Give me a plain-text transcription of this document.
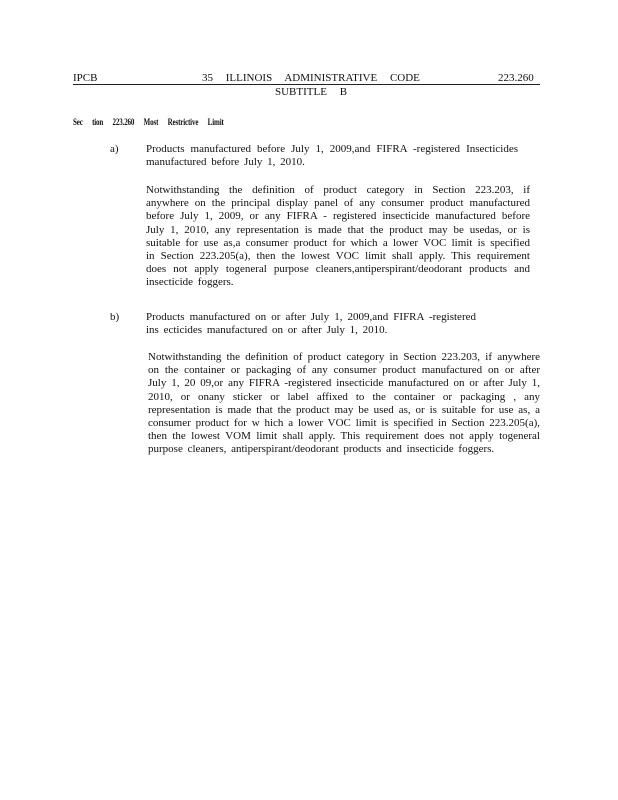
IPCB	35 ILLINOIS ADMINISTRATIVE CODE	223.260
SUBTITLE B
Sec tion 223.260 Most Restrictive Limit
a) Products manufactured before July 1, 2009,and FIFRA -registered Insecticides manufactured before July 1, 2010.
Notwithstanding the definition of product category in Section 223.203, if anywhere on the principal display panel of any consumer product manufactured before July 1, 2009, or any FIFRA - registered insecticide manufactured before July 1, 2010, any representation is made that the product may be usedas, or is suitable for use as,a consumer product for which a lower VOC limit is specified in Section 223.205(a), then the lowest VOC limit shall apply. This requirement does not apply togeneral purpose cleaners,antiperspirant/deodorant products and insecticide foggers.
b) Products manufactured on or after July 1, 2009,and FIFRA -registered ins ecticides manufactured on or after July 1, 2010.
Notwithstanding the definition of product category in Section 223.203, if anywhere on the container or packaging of any consumer product manufactured on or after July 1, 20 09,or any FIFRA -registered insecticide manufactured on or after July 1, 2010, or onany sticker or label affixed to the container or packaging , any representation is made that the product may be used as, or is suitable for use as, a consumer product for w hich a lower VOC limit is specified in Section 223.205(a), then the lowest VOM limit shall apply. This requirement does not apply togeneral purpose cleaners, antiperspirant/deodorant products and insecticide foggers.
